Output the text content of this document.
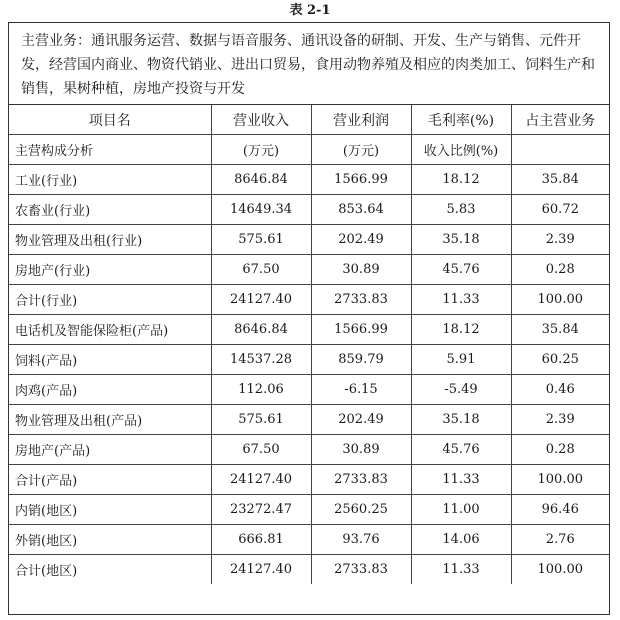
表 2-1
主营业务：通讯服务运营、数据与语音服务、通讯设备的研制、开发、生产与销售、元件开发，经营国内商业、物资代销业、进出口贸易，食用动物养殖及相应的肉类加工、饲料生产和销售，果树种植，房地产投资与开发
项目名	营业收入	营业利润	毛利率(%)	占主营业务
主营构成分析	(万元)	(万元)	收入比例(%)	
工业(行业)	8646.84	1566.99	18.12	35.84
农畜业(行业)	14649.34	853.64	5.83	60.72
物业管理及出租(行业)	575.61	202.49	35.18	2.39
房地产(行业)	67.50	30.89	45.76	0.28
合计(行业)	24127.40	2733.83	11.33	100.00
电话机及智能保险柜(产品)	8646.84	1566.99	18.12	35.84
饲料(产品)	14537.28	859.79	5.91	60.25
肉鸡(产品)	112.06	-6.15	-5.49	0.46
物业管理及出租(产品)	575.61	202.49	35.18	2.39
房地产(产品)	67.50	30.89	45.76	0.28
合计(产品)	24127.40	2733.83	11.33	100.00
内销(地区)	23272.47	2560.25	11.00	96.46
外销(地区)	666.81	93.76	14.06	2.76
合计(地区)	24127.40	2733.83	11.33	100.00
